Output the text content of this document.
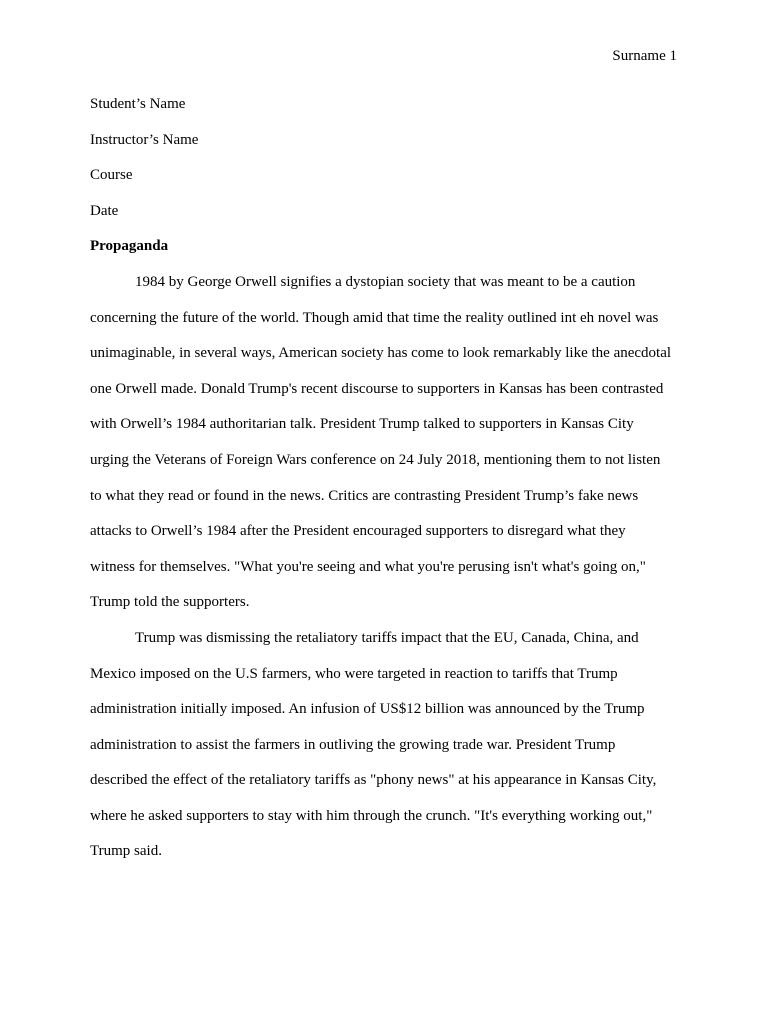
Surname 1
Student’s Name
Instructor’s Name
Course
Date
Propaganda
1984 by George Orwell signifies a dystopian society that was meant to be a caution
concerning the future of the world. Though amid that time the reality outlined int eh novel was
unimaginable, in several ways, American society has come to look remarkably like the anecdotal
one Orwell made. Donald Trump's recent discourse to supporters in Kansas has been contrasted
with Orwell’s 1984 authoritarian talk. President Trump talked to supporters in Kansas City
urging the Veterans of Foreign Wars conference on 24 July 2018, mentioning them to not listen
to what they read or found in the news. Critics are contrasting President Trump’s fake news
attacks to Orwell’s 1984 after the President encouraged supporters to disregard what they
witness for themselves. "What you're seeing and what you're perusing isn't what's going on,"
Trump told the supporters.
Trump was dismissing the retaliatory tariffs impact that the EU, Canada, China, and
Mexico imposed on the U.S farmers, who were targeted in reaction to tariffs that Trump
administration initially imposed. An infusion of US$12 billion was announced by the Trump
administration to assist the farmers in outliving the growing trade war. President Trump
described the effect of the retaliatory tariffs as "phony news" at his appearance in Kansas City,
where he asked supporters to stay with him through the crunch. "It's everything working out,"
Trump said.
